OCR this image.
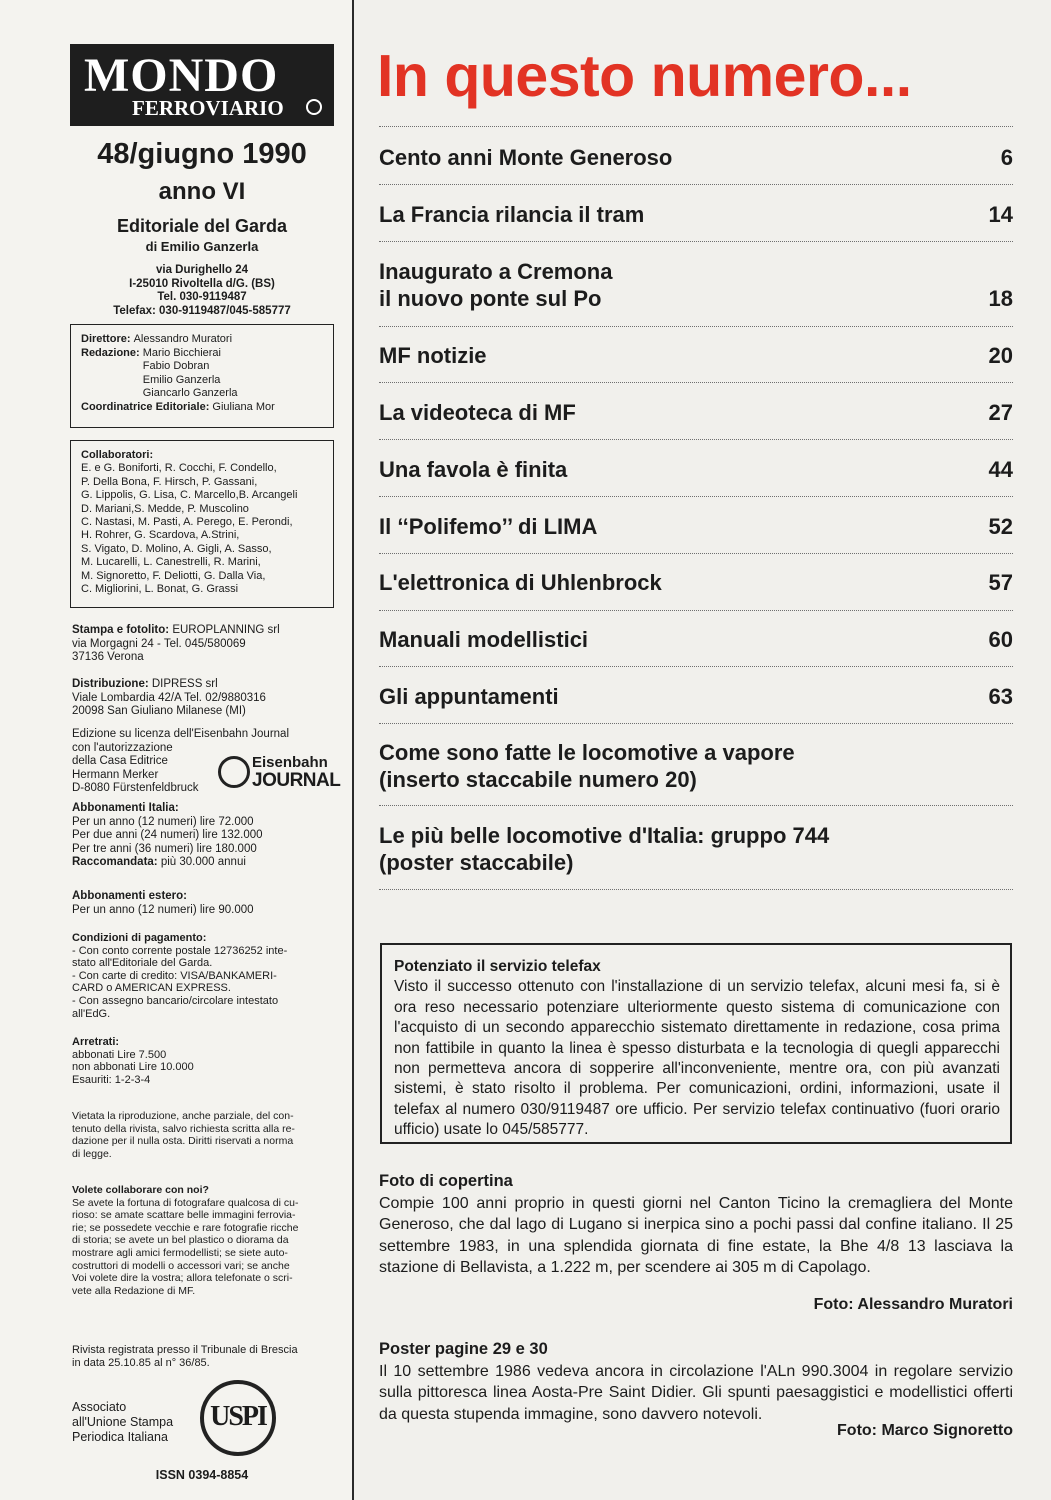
MONDO
FERROVIARIO
48/giugno 1990
anno VI
Editoriale del Garda
di Emilio Ganzerla
via Durighello 24
I-25010 Rivoltella d/G. (BS)
Tel. 030-9119487
Telefax: 030-9119487/045-585777
Direttore:
Alessandro Muratori
Redazione:
Mario Bicchierai
Fabio Dobran
Emilio Ganzerla
Giancarlo Ganzerla
Coordinatrice Editoriale:
Giuliana Mor
Collaboratori:
E. e G. Boniforti, R. Cocchi, F. Condello,
P. Della Bona, F. Hirsch, P. Gassani,
G. Lippolis, G. Lisa, C. Marcello,B. Arcangeli
D. Mariani,S. Medde, P. Muscolino
C. Nastasi, M. Pasti, A. Perego, E. Perondi,
H. Rohrer, G. Scardova, A.Strini,
S. Vigato, D. Molino, A. Gigli, A. Sasso,
M. Lucarelli, L. Canestrelli, R. Marini,
M. Signoretto, F. Deliotti, G. Dalla Via,
C. Migliorini, L. Bonat, G. Grassi
Stampa e fotolito: EUROPLANNING srl
via Morgagni 24 - Tel. 045/580069
37136 Verona
Distribuzione: DIPRESS srl
Viale Lombardia 42/A Tel. 02/9880316
20098 San Giuliano Milanese (MI)
Edizione su licenza dell'Eisenbahn Journal
con l'autorizzazione
della Casa Editrice
Hermann Merker
D-8080 Fürstenfeldbruck
Eisenbahn
JOURNAL
Abbonamenti Italia:
Per un anno (12 numeri) lire 72.000
Per due anni (24 numeri) lire 132.000
Per tre anni (36 numeri) lire 180.000
Raccomandata: più 30.000 annui
Abbonamenti estero:
Per un anno (12 numeri) lire 90.000
Condizioni di pagamento:
- Con conto corrente postale 12736252 inte-
stato all'Editoriale del Garda.
- Con carte di credito: VISA/BANKAMERI-
CARD o AMERICAN EXPRESS.
- Con assegno bancario/circolare intestato
all'EdG.
Arretrati:
abbonati Lire 7.500
non abbonati Lire 10.000
Esauriti: 1-2-3-4
Vietata la riproduzione, anche parziale, del con-
tenuto della rivista, salvo richiesta scritta alla re-
dazione per il nulla osta. Diritti riservati a norma
di legge.
Volete collaborare con noi?
Se avete la fortuna di fotografare qualcosa di cu-
rioso: se amate scattare belle immagini ferrovia-
rie; se possedete vecchie e rare fotografie ricche
di storia; se avete un bel plastico o diorama da
mostrare agli amici fermodellisti; se siete auto-
costruttori di modelli o accessori vari; se anche
Voi volete dire la vostra; allora telefonate o scri-
vete alla Redazione di MF.
Rivista registrata presso il Tribunale di Brescia
in data 25.10.85 al n° 36/85.
Associato
all'Unione Stampa
Periodica Italiana
USPI
ISSN 0394-8854
In questo numero...
Cento anni Monte Generoso	6
La Francia rilancia il tram	14
Inaugurato a Cremona
il nuovo ponte sul Po	18
MF notizie	20
La videoteca di MF	27
Una favola è finita	44
Il ‘‘Polifemo’’ di LIMA	52
L'elettronica di Uhlenbrock	57
Manuali modellistici	60
Gli appuntamenti	63
Come sono fatte le locomotive a vapore
(inserto staccabile numero 20)
Le più belle locomotive d'Italia: gruppo 744
(poster staccabile)
Potenziato il servizio telefax
Visto il successo ottenuto con l'installazione di un servizio telefax, alcuni mesi fa, si è ora reso necessario potenziare ulteriormente questo sistema di comunicazione con l'acquisto di un secondo apparecchio sistemato direttamente in redazione, cosa prima non fattibile in quanto la linea è spesso disturbata e la tecnologia di quegli apparecchi non permetteva ancora di sopperire all'inconveniente, mentre ora, con più avanzati sistemi, è stato risolto il problema. Per comunicazioni, ordini, informazioni, usate il telefax al numero 030/9119487 ore ufficio. Per servizio telefax continuativo (fuori orario ufficio) usate lo 045/585777.
Foto di copertina
Compie 100 anni proprio in questi giorni nel Canton Ticino la cremagliera del Monte Generoso, che dal lago di Lugano si inerpica sino a pochi passi dal confine italiano. Il 25 settembre 1983, in una splendida giornata di fine estate, la Bhe 4/8 13 lasciava la stazione di Bellavista, a 1.222 m, per scendere ai 305 m di Capolago.
Foto: Alessandro Muratori
Poster pagine 29 e 30
Il 10 settembre 1986 vedeva ancora in circolazione l'ALn 990.3004 in regolare servizio sulla pittoresca linea Aosta-Pre Saint Didier. Gli spunti paesaggistici e modellistici offerti da questa stupenda immagine, sono davvero notevoli.
Foto: Marco Signoretto
